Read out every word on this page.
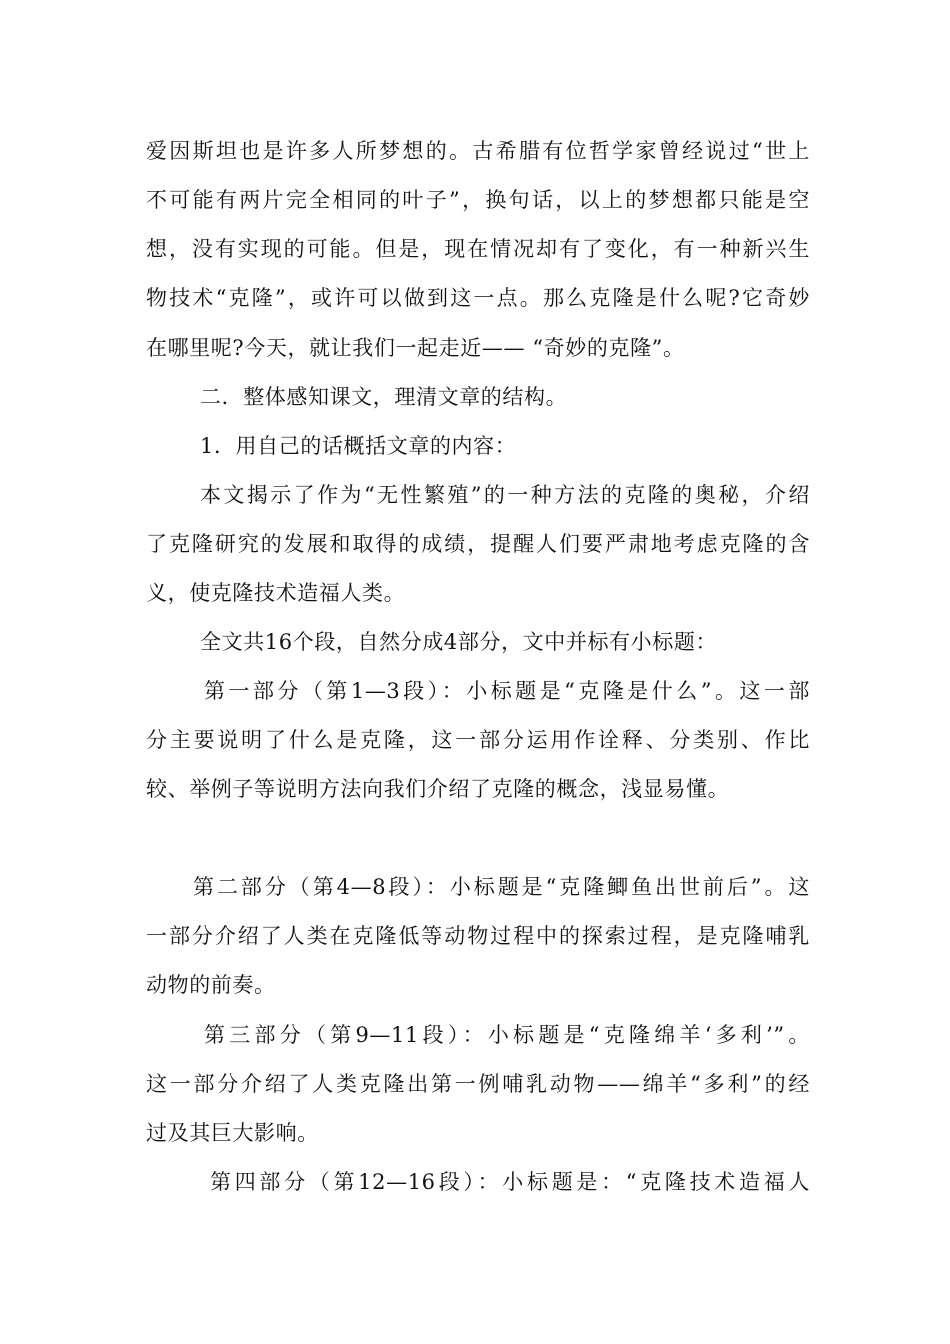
爱因斯坦也是许多人所梦想的。古希腊有位哲学家曾经说过“世上
不可能有两片完全相同的叶子”，换句话，以上的梦想都只能是空
想，没有实现的可能。但是，现在情况却有了变化，有一种新兴生
物技术“克隆”，或许可以做到这一点。那么克隆是什么呢?它奇妙
在哪里呢?今天，就让我们一起走近—— “奇妙的克隆”。
二．整体感知课文，理清文章的结构。
1．用自己的话概括文章的内容：
本文揭示了作为“无性繁殖”的一种方法的克隆的奥秘，介绍
了克隆研究的发展和取得的成绩，提醒人们要严肃地考虑克隆的含
义，使克隆技术造福人类。
全文共16个段，自然分成4部分，文中并标有小标题：
第一部分（第1—3段）：小标题是“克隆是什么”。这一部
分主要说明了什么是克隆，这一部分运用作诠释、分类别、作比
较、举例子等说明方法向我们介绍了克隆的概念，浅显易懂。
第二部分（第4—8段）：小标题是“克隆鲫鱼出世前后”。这
一部分介绍了人类在克隆低等动物过程中的探索过程，是克隆哺乳
动物的前奏。
第三部分（第9—11段）：小标题是“克隆绵羊‘多利’”。
这一部分介绍了人类克隆出第一例哺乳动物——绵羊“多利”的经
过及其巨大影响。
第四部分（第12—16段）：小标题是：“克隆技术造福人
